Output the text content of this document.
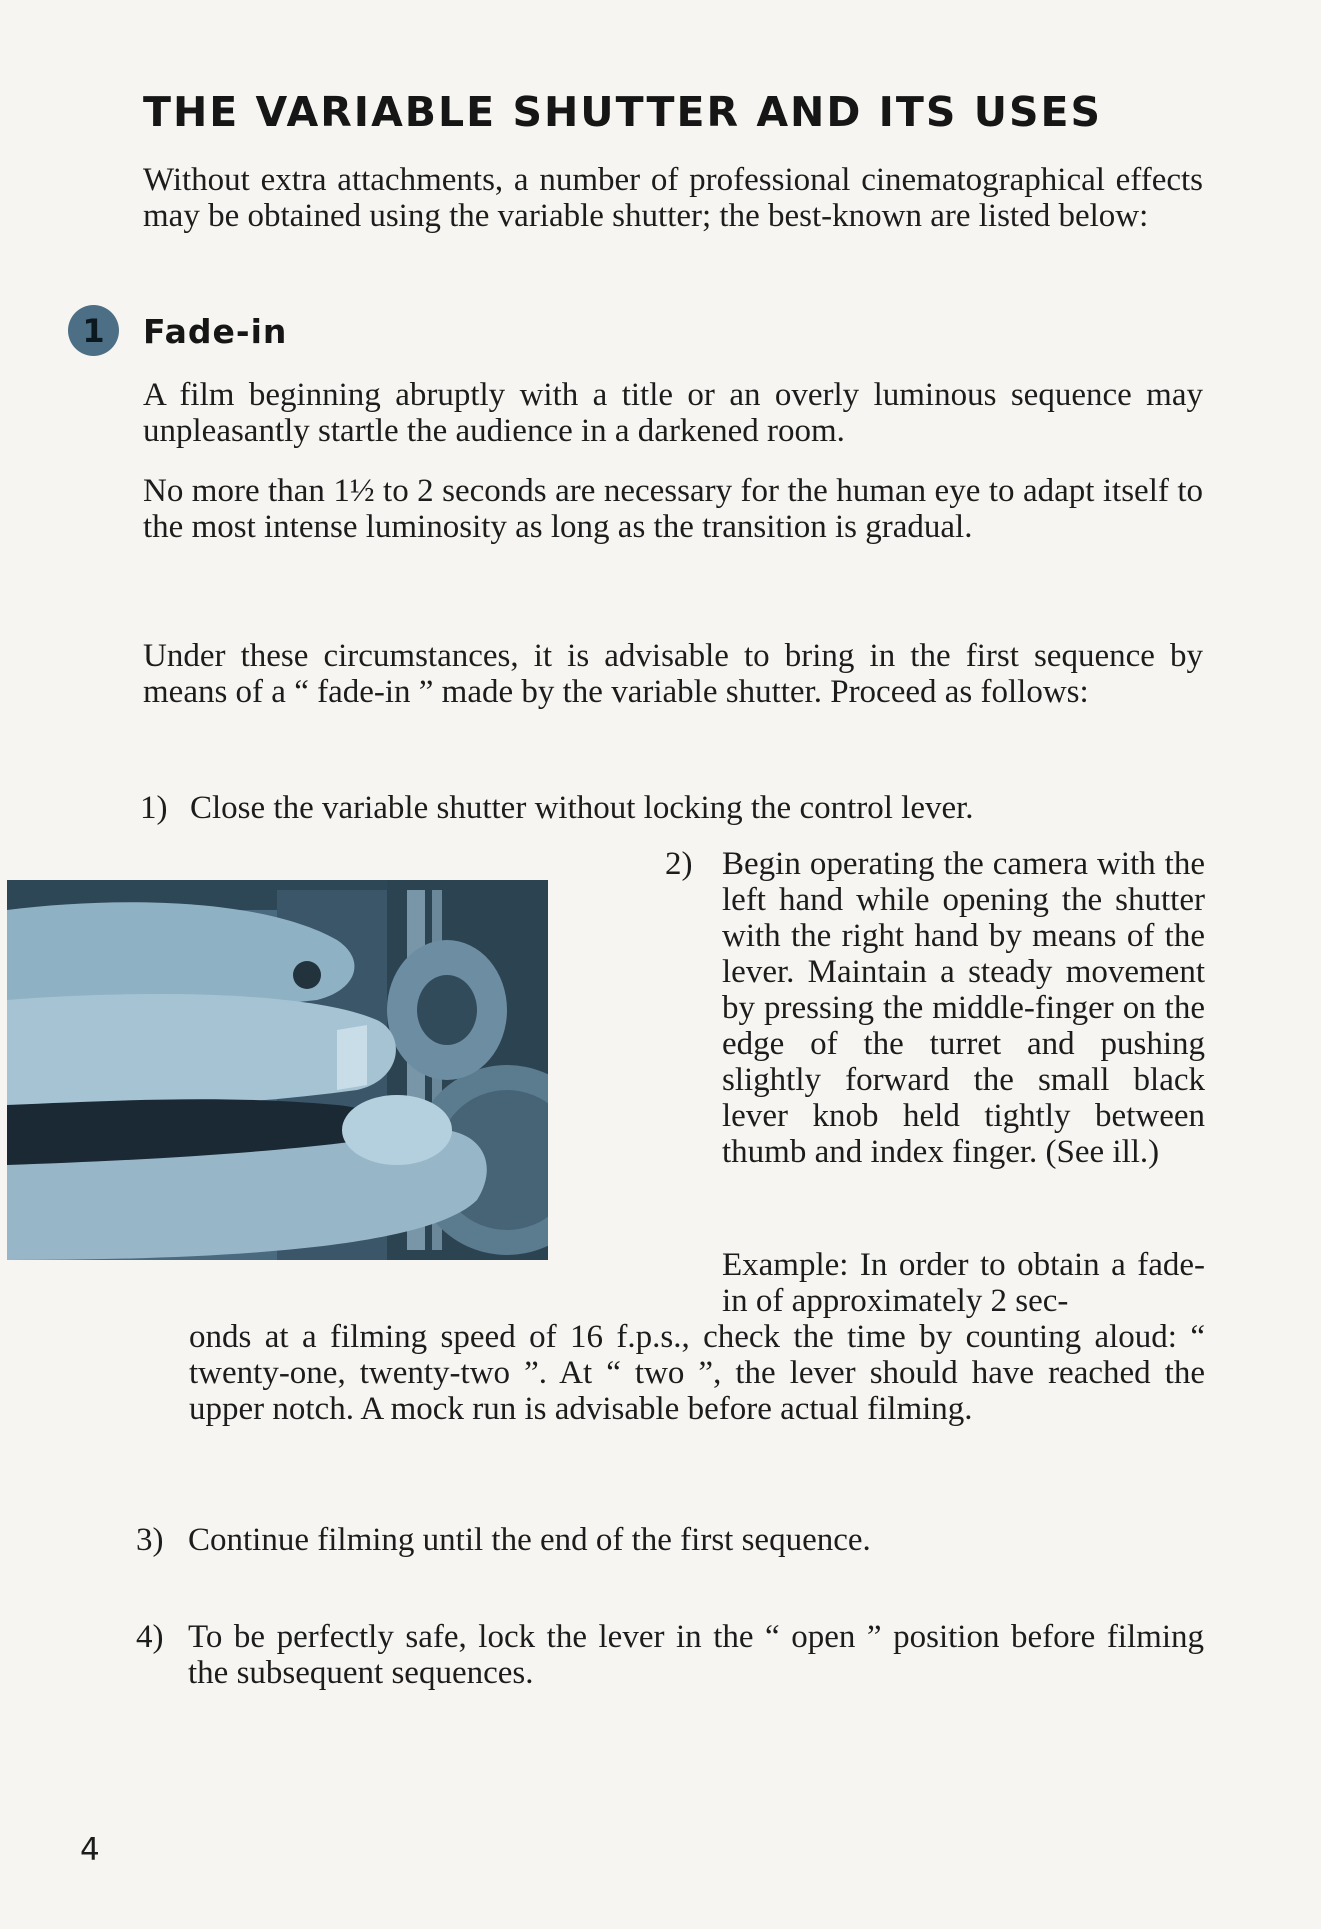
THE VARIABLE SHUTTER AND ITS USES
Without extra attachments, a number of professional cinematographical effects may be obtained using the variable shutter; the best-known are listed below:
1	Fade-in
A film beginning abruptly with a title or an overly luminous sequence may unpleasantly startle the audience in a darkened room.
No more than 1½ to 2 seconds are necessary for the human eye to adapt itself to the most intense luminosity as long as the transition is gradual.
Under these circumstances, it is advisable to bring in the first sequence by means of a “ fade-in ” made by the variable shutter. Proceed as follows:
1) Close the variable shutter without locking the control lever.
2) Begin operating the camera with the left hand while opening the shutter with the right hand by means of the lever. Maintain a steady movement by pressing the middle-finger on the edge of the turret and pushing slightly forward the small black lever knob held tightly between thumb and index finger. (See ill.)
Example: In order to obtain a fade-in of approximately 2 sec-
onds at a filming speed of 16 f.p.s., check the time by counting aloud: “ twenty-one, twenty-two ”. At “ two ”, the lever should have reached the upper notch. A mock run is advisable before actual filming.
3) Continue filming until the end of the first sequence.
4) To be perfectly safe, lock the lever in the “ open ” position before filming the subsequent sequences.
4
